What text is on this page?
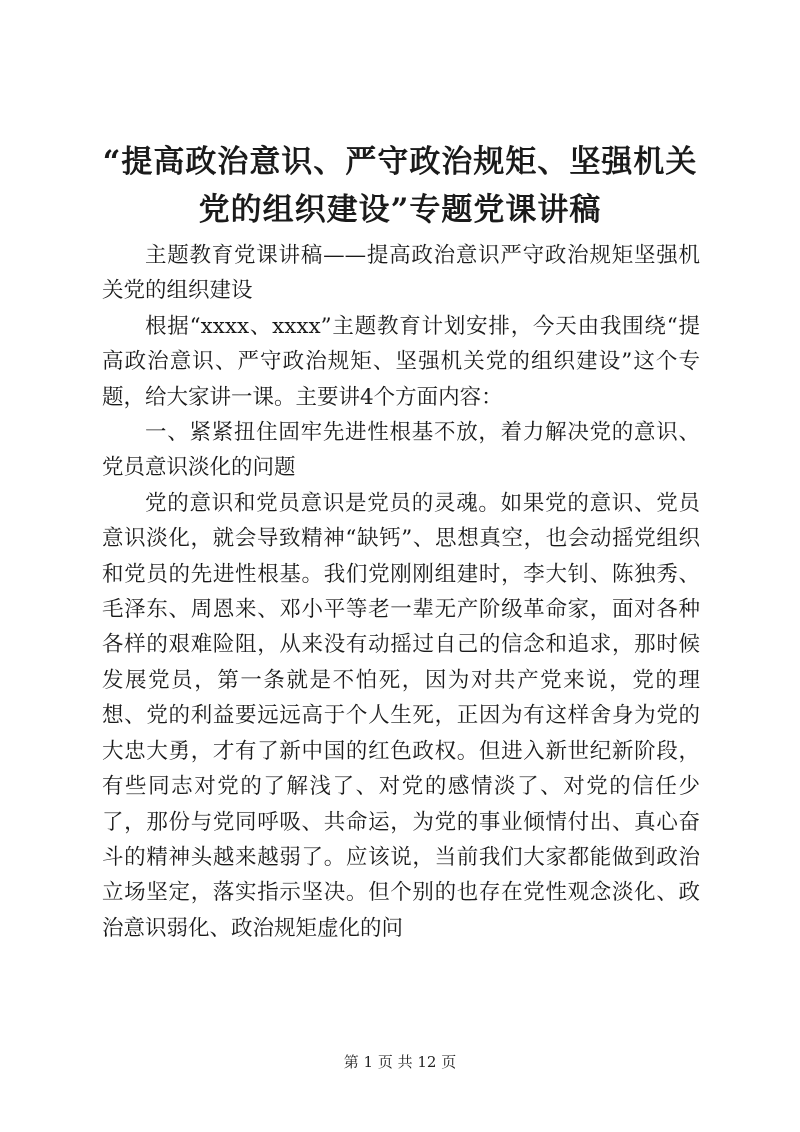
“提高政治意识、严守政治规矩、坚强机关党的组织建设”专题党课讲稿

主题教育党课讲稿——提高政治意识严守政治规矩坚强机关党的组织建设

根据“xxxx、xxxx”主题教育计划安排，今天由我围绕“提高政治意识、严守政治规矩、坚强机关党的组织建设”这个专题，给大家讲一课。主要讲4个方面内容：

一、紧紧扭住固牢先进性根基不放，着力解决党的意识、党员意识淡化的问题

党的意识和党员意识是党员的灵魂。如果党的意识、党员意识淡化，就会导致精神“缺钙”、思想真空，也会动摇党组织和党员的先进性根基。我们党刚刚组建时，李大钊、陈独秀、毛泽东、周恩来、邓小平等老一辈无产阶级革命家，面对各种各样的艰难险阻，从来没有动摇过自己的信念和追求，那时候发展党员，第一条就是不怕死，因为对共产党来说，党的理想、党的利益要远远高于个人生死，正因为有这样舍身为党的大忠大勇，才有了新中国的红色政权。但进入新世纪新阶段，有些同志对党的了解浅了、对党的感情淡了、对党的信任少了，那份与党同呼吸、共命运，为党的事业倾情付出、真心奋斗的精神头越来越弱了。应该说，当前我们大家都能做到政治立场坚定，落实指示坚决。但个别的也存在党性观念淡化、政治意识弱化、政治规矩虚化的问

第 1 页 共 12 页
